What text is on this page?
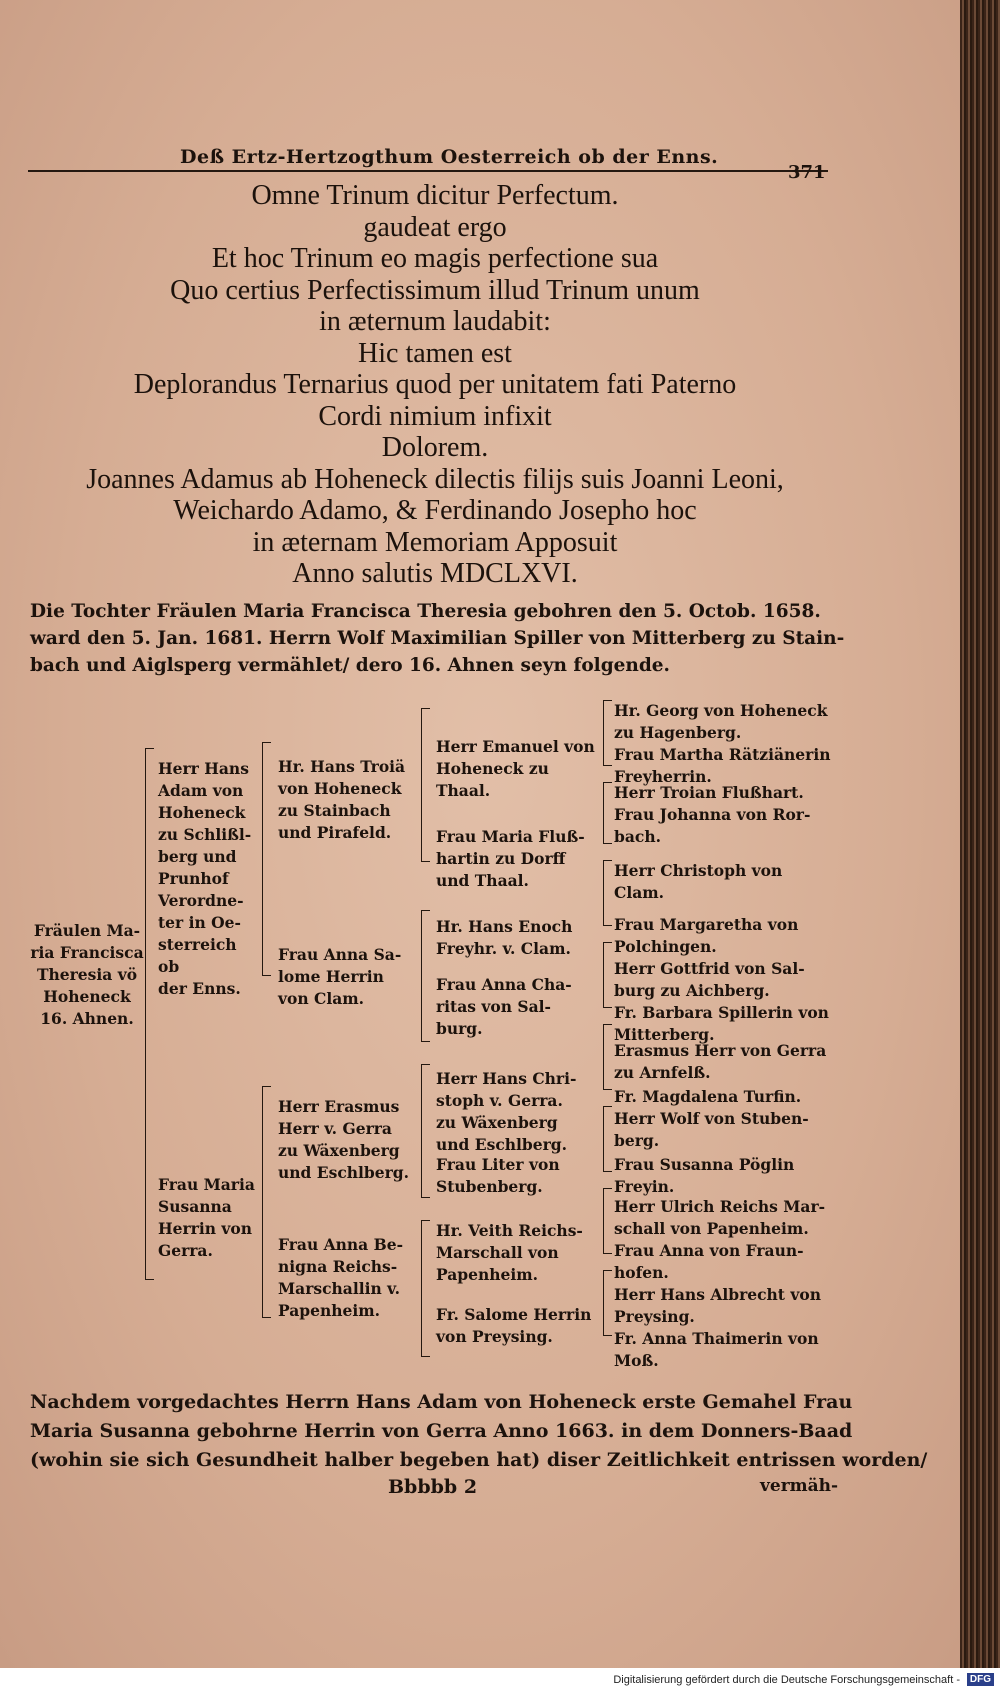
Deß Ertz-Hertzogthum Oesterreich ob der Enns.
371
Omne Trinum dicitur Perfectum.
gaudeat ergo
Et hoc Trinum eo magis perfectione sua
Quo certius Perfectissimum illud Trinum unum
in æternum laudabit:
Hic tamen est
Deplorandus Ternarius quod per unitatem fati Paterno
Cordi nimium infixit
Dolorem.
Joannes Adamus ab Hoheneck dilectis filijs suis Joanni Leoni,
Weichardo Adamo, & Ferdinando Josepho hoc
in æternam Memoriam Apposuit
Anno salutis MDCLXVI.
Die Tochter Fräulen Maria Francisca Theresia gebohren den 5. Octob. 1658.
ward den 5. Jan. 1681. Herrn Wolf Maximilian Spiller von Mitterberg zu Stain-
bach und Aiglsperg vermählet/ dero 16. Ahnen seyn folgende.
Fräulen Ma-
ria Francisca
Theresia vö
Hoheneck
16. Ahnen.
Herr Hans
Adam von
Hoheneck
zu Schlißl-
berg und
Prunhof
Verordne-
ter in Oe-
sterreich ob
der Enns.
Frau Maria
Susanna
Herrin von
Gerra.
Hr. Hans Troiä
von Hoheneck
zu Stainbach
und Pirafeld.
Frau Anna Sa-
lome Herrin
von Clam.
Herr Erasmus
Herr v. Gerra
zu Wäxenberg
und Eschlberg.
Frau Anna Be-
nigna Reichs-
Marschallin v.
Papenheim.
Herr Emanuel von
Hoheneck zu
Thaal.
Frau Maria Fluß-
hartin zu Dorff
und Thaal.
Hr. Hans Enoch
Freyhr. v. Clam.
Frau Anna Cha-
ritas von Sal-
burg.
Herr Hans Chri-
stoph v. Gerra.
zu Wäxenberg
und Eschlberg.
Frau Liter von
Stubenberg.
Hr. Veith Reichs-
Marschall von
Papenheim.
Fr. Salome Herrin
von Preysing.
Hr. Georg von Hoheneck
zu Hagenberg.
Frau Martha Rätziänerin
Freyherrin.
Herr Troian Flußhart.
Frau Johanna von Ror-
bach.
Herr Christoph von
Clam.
Frau Margaretha von
Polchingen.
Herr Gottfrid von Sal-
burg zu Aichberg.
Fr. Barbara Spillerin von
Mitterberg.
Erasmus Herr von Gerra
zu Arnfelß.
Fr. Magdalena Turfin.
Herr Wolf von Stuben-
berg.
Frau Susanna Pöglin
Freyin.
Herr Ulrich Reichs Mar-
schall von Papenheim.
Frau Anna von Fraun-
hofen.
Herr Hans Albrecht von
Preysing.
Fr. Anna Thaimerin von
Moß.
Nachdem vorgedachtes Herrn Hans Adam von Hoheneck erste Gemahel Frau
Maria Susanna gebohrne Herrin von Gerra Anno 1663. in dem Donners-Baad
(wohin sie sich Gesundheit halber begeben hat) diser Zeitlichkeit entrissen worden/
Bbbbb 2	vermäh-
Digitalisierung gefördert durch die Deutsche Forschungsgemeinschaft - DFG
